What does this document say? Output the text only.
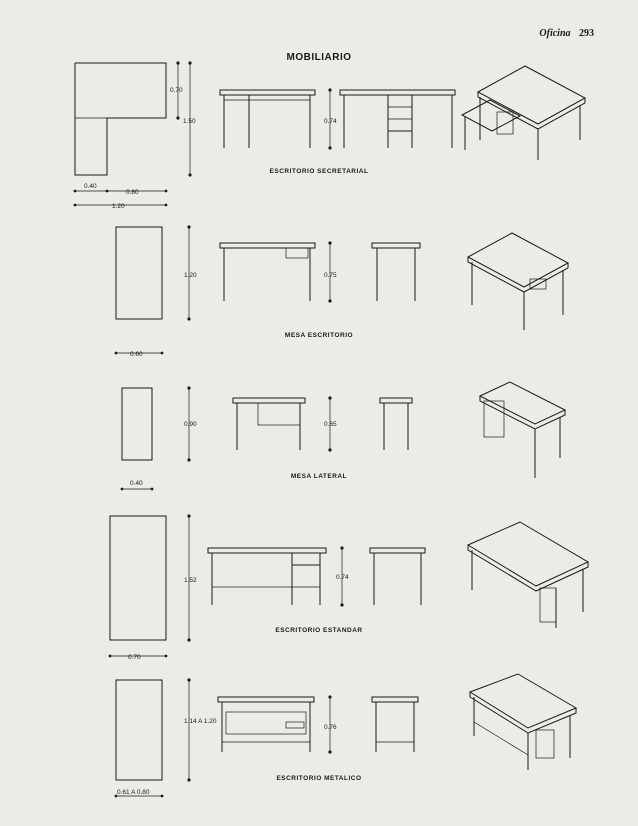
Oficina 293
MOBILIARIO
0.70
1.50
0.40
0.80
1.20
0.74
ESCRITORIO SECRETARIAL
1.20
0.60
0.75
MESA ESCRITORIO
0.90
0.40
0.65
MESA LATERAL
1.52
0.70
0.74
ESCRITORIO ESTANDAR
1.14 A 1.20
0.61 A 0.80
0.76
ESCRITORIO METALICO
